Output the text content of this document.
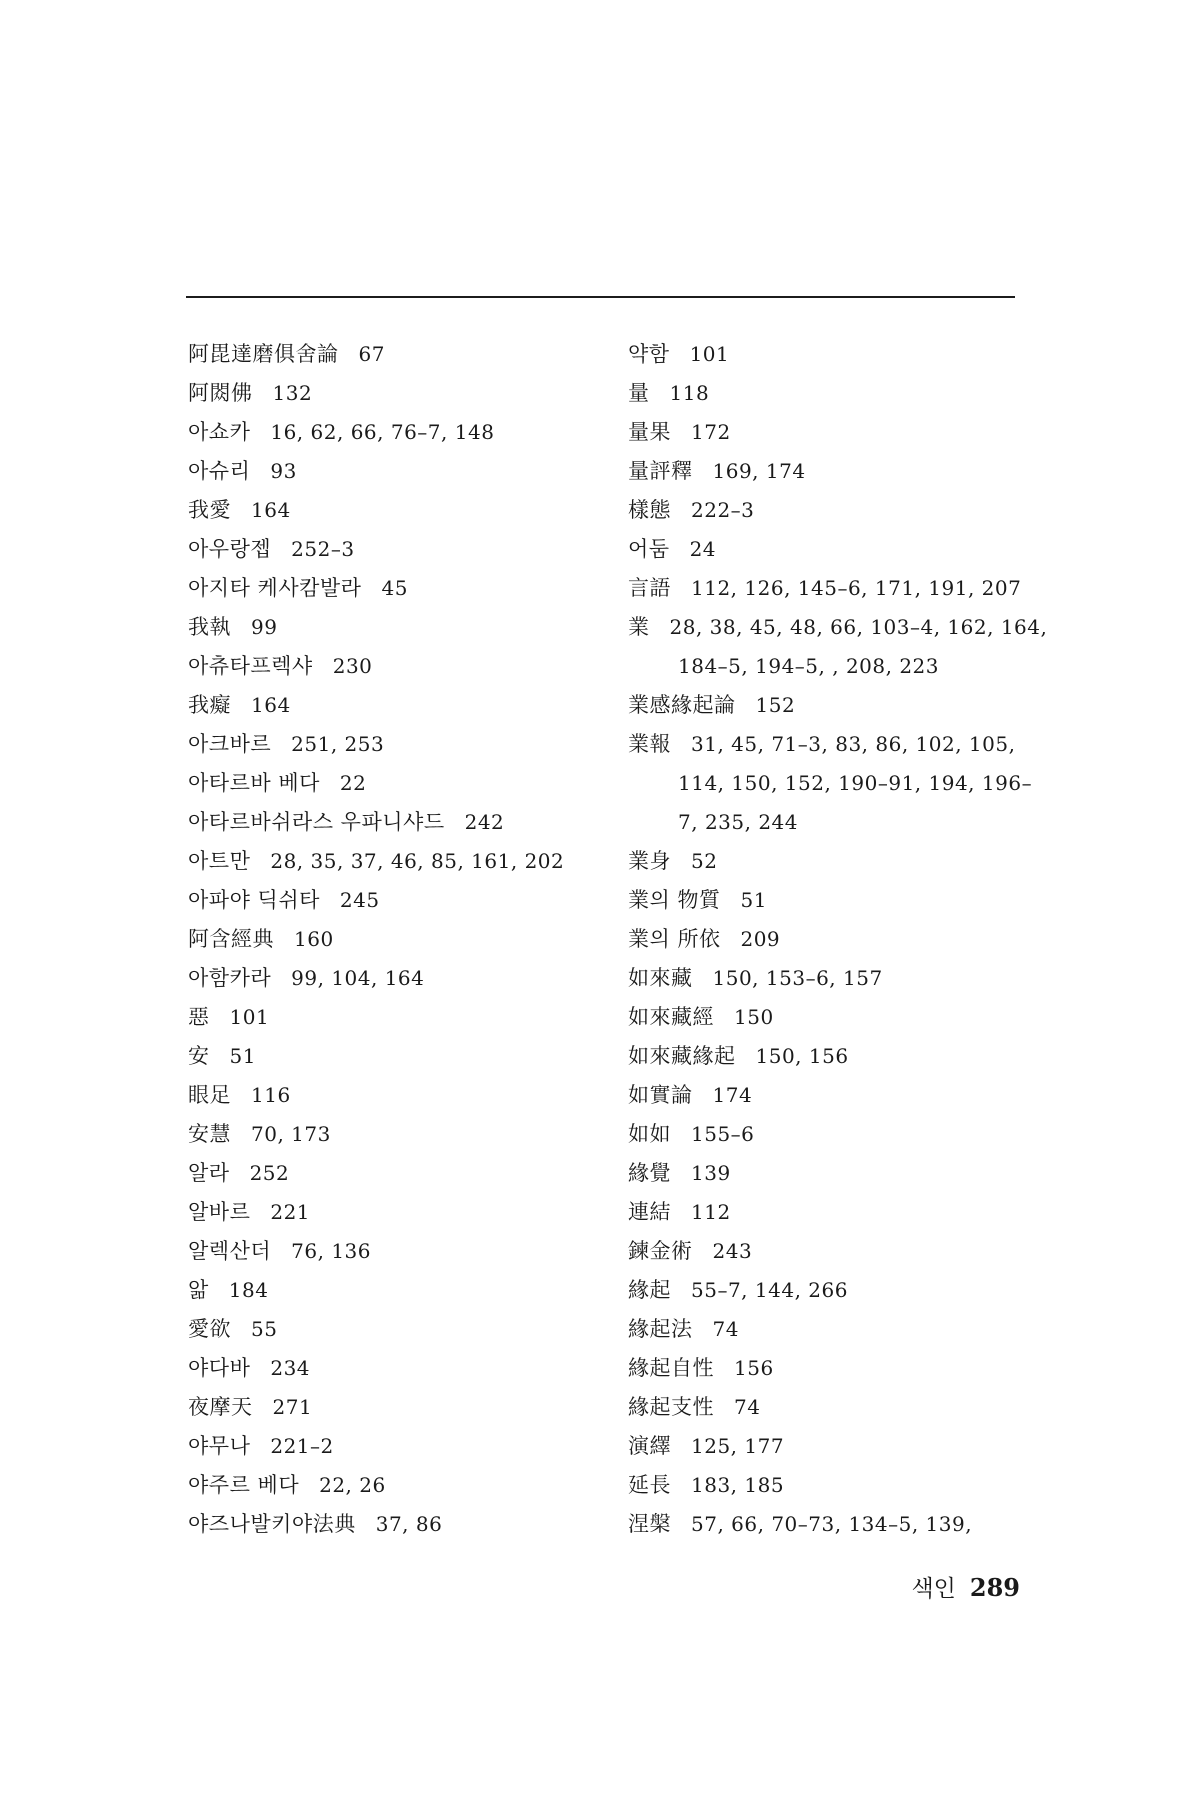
阿毘達磨俱舍論 67
阿閦佛 132
아쇼카 16, 62, 66, 76–7, 148
아슈리 93
我愛 164
아우랑젭 252–3
아지타 케사캄발라 45
我執 99
아츄타프렉샤 230
我癡 164
아크바르 251, 253
아타르바 베다 22
아타르바쉬라스 우파니샤드 242
아트만 28, 35, 37, 46, 85, 161, 202
아파야 딕쉬타 245
阿含經典 160
아함카라 99, 104, 164
惡 101
安 51
眼足 116
安慧 70, 173
알라 252
알바르 221
알렉산더 76, 136
앎 184
愛欲 55
야다바 234
夜摩天 271
야무나 221–2
야주르 베다 22, 26
야즈나발키야法典 37, 86
약함 101
量 118
量果 172
量評釋 169, 174
樣態 222–3
어둠 24
言語 112, 126, 145–6, 171, 191, 207
業 28, 38, 45, 48, 66, 103–4, 162, 164,
184–5, 194–5, , 208, 223
業感緣起論 152
業報 31, 45, 71–3, 83, 86, 102, 105,
114, 150, 152, 190–91, 194, 196–
7, 235, 244
業身 52
業의 物質 51
業의 所依 209
如來藏 150, 153–6, 157
如來藏經 150
如來藏緣起 150, 156
如實論 174
如如 155–6
緣覺 139
連結 112
鍊金術 243
緣起 55–7, 144, 266
緣起法 74
緣起自性 156
緣起支性 74
演繹 125, 177
延長 183, 185
涅槃 57, 66, 70–73, 134–5, 139,
색인 289
